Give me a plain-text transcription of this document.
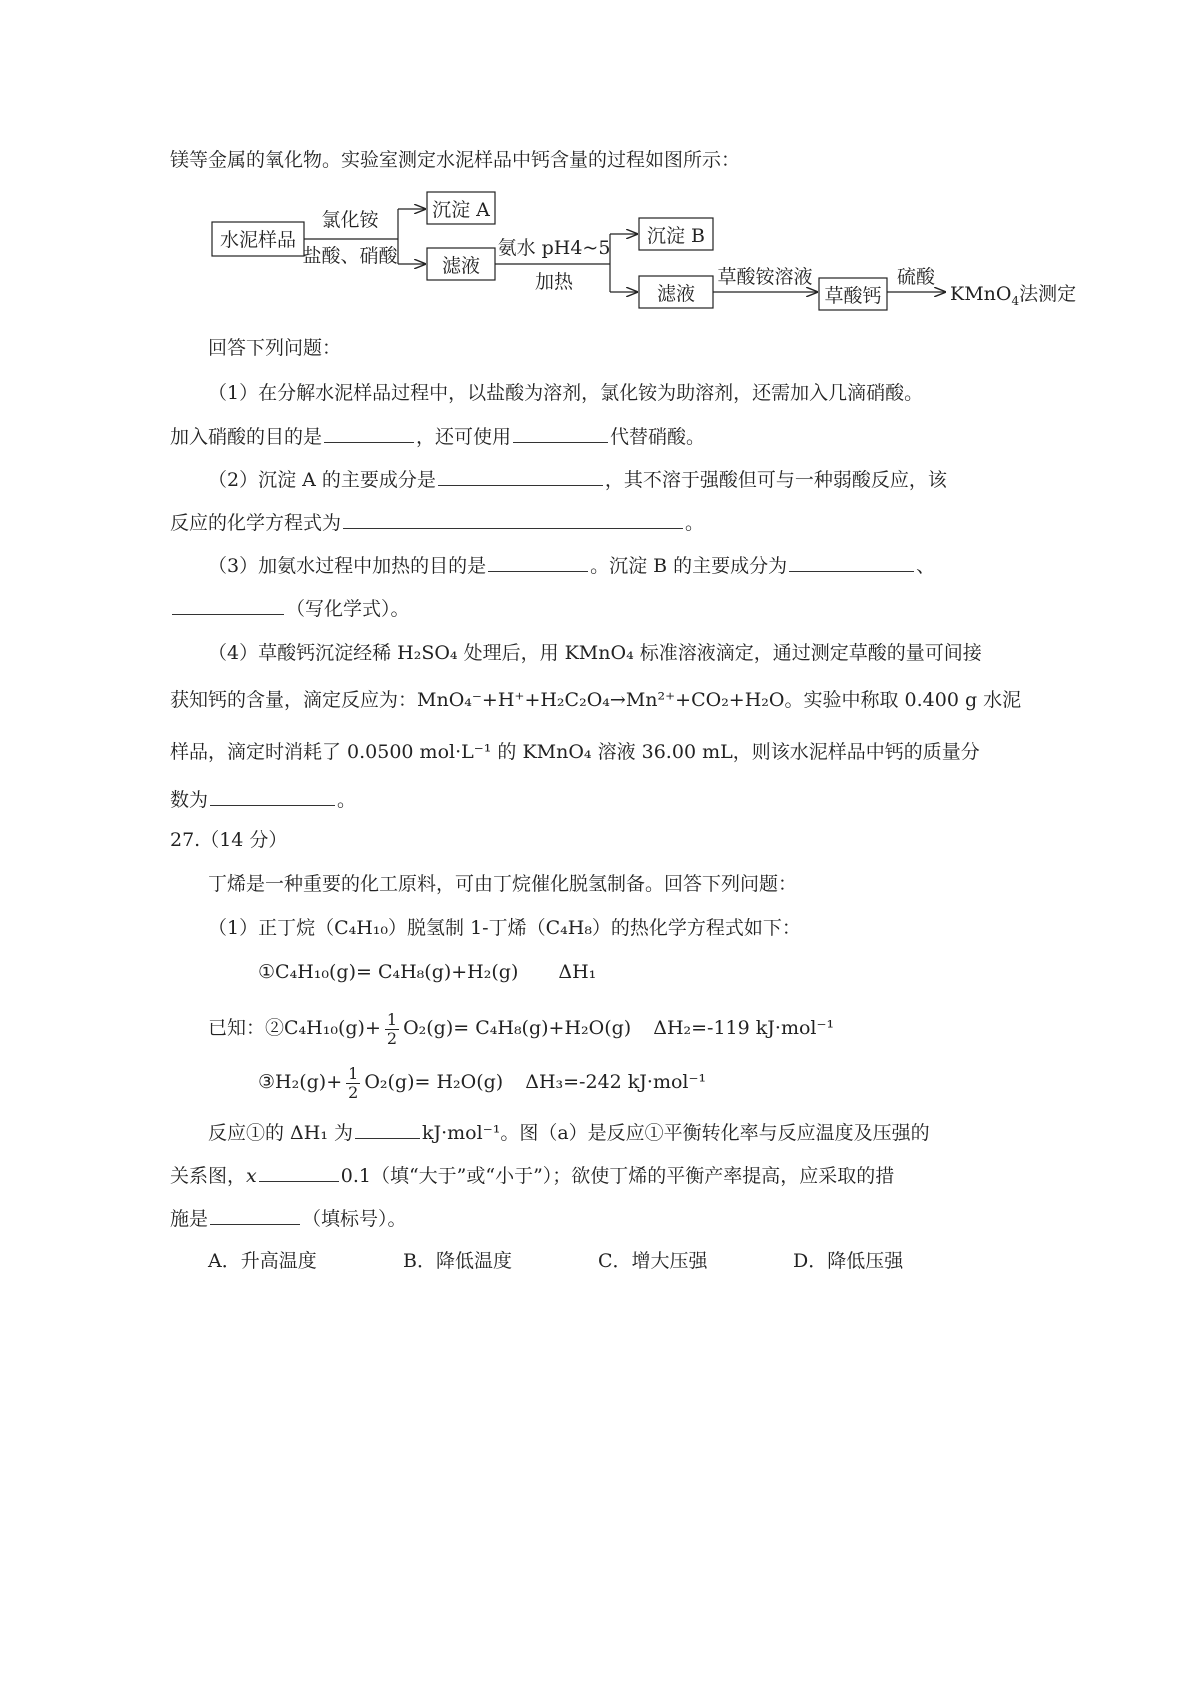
镁等金属的氧化物。实验室测定水泥样品中钙含量的过程如图所示：
水泥样品
氯化铵
盐酸、硝酸
沉淀 A
滤液
氨水 pH4~5
加热
沉淀 B
滤液
草酸铵溶液
草酸钙
硫酸
KMnO$_4$法测定
回答下列问题：
（1）在分解水泥样品过程中，以盐酸为溶剂，氯化铵为助溶剂，还需加入几滴硝酸。
加入硝酸的目的是	，还可使用	代替硝酸。
（2）沉淀 A 的主要成分是	，其不溶于强酸但可与一种弱酸反应，该
反应的化学方程式为	。
（3）加氨水过程中加热的目的是	。沉淀 B 的主要成分为	、
（写化学式）。
（4）草酸钙沉淀经稀 H₂SO₄ 处理后，用 KMnO₄ 标准溶液滴定，通过测定草酸的量可间接
获知钙的含量，滴定反应为：MnO₄⁻+H⁺+H₂C₂O₄→Mn²⁺+CO₂+H₂O。实验中称取 0.400 g 水泥
样品，滴定时消耗了 0.0500 mol·L⁻¹ 的 KMnO₄ 溶液 36.00 mL，则该水泥样品中钙的质量分
数为	。
27.（14 分）
丁烯是一种重要的化工原料，可由丁烷催化脱氢制备。回答下列问题：
（1）正丁烷（C₄H₁₀）脱氢制 1-丁烯（C₄H₈）的热化学方程式如下：
①C₄H₁₀(g)= C₄H₈(g)+H₂(g) ΔH₁
已知：②C₄H₁₀(g)+ $\frac{1}{2} O_2(g)= C_4H_8(g)+H_2O(g)$ ΔH₂=-119 kJ·mol⁻¹
③H₂(g)+ $\frac{1}{2} O_2(g)= H_2O(g)$ ΔH₃=-242 kJ·mol⁻¹
反应①的 ΔH₁ 为	kJ·mol⁻¹。图（a）是反应①平衡转化率与反应温度及压强的
关系图，x	0.1（填“大于”或“小于”）；欲使丁烯的平衡产率提高，应采取的措
施是	（填标号）。
A．升高温度	B．降低温度	C．增大压强	D．降低压强
